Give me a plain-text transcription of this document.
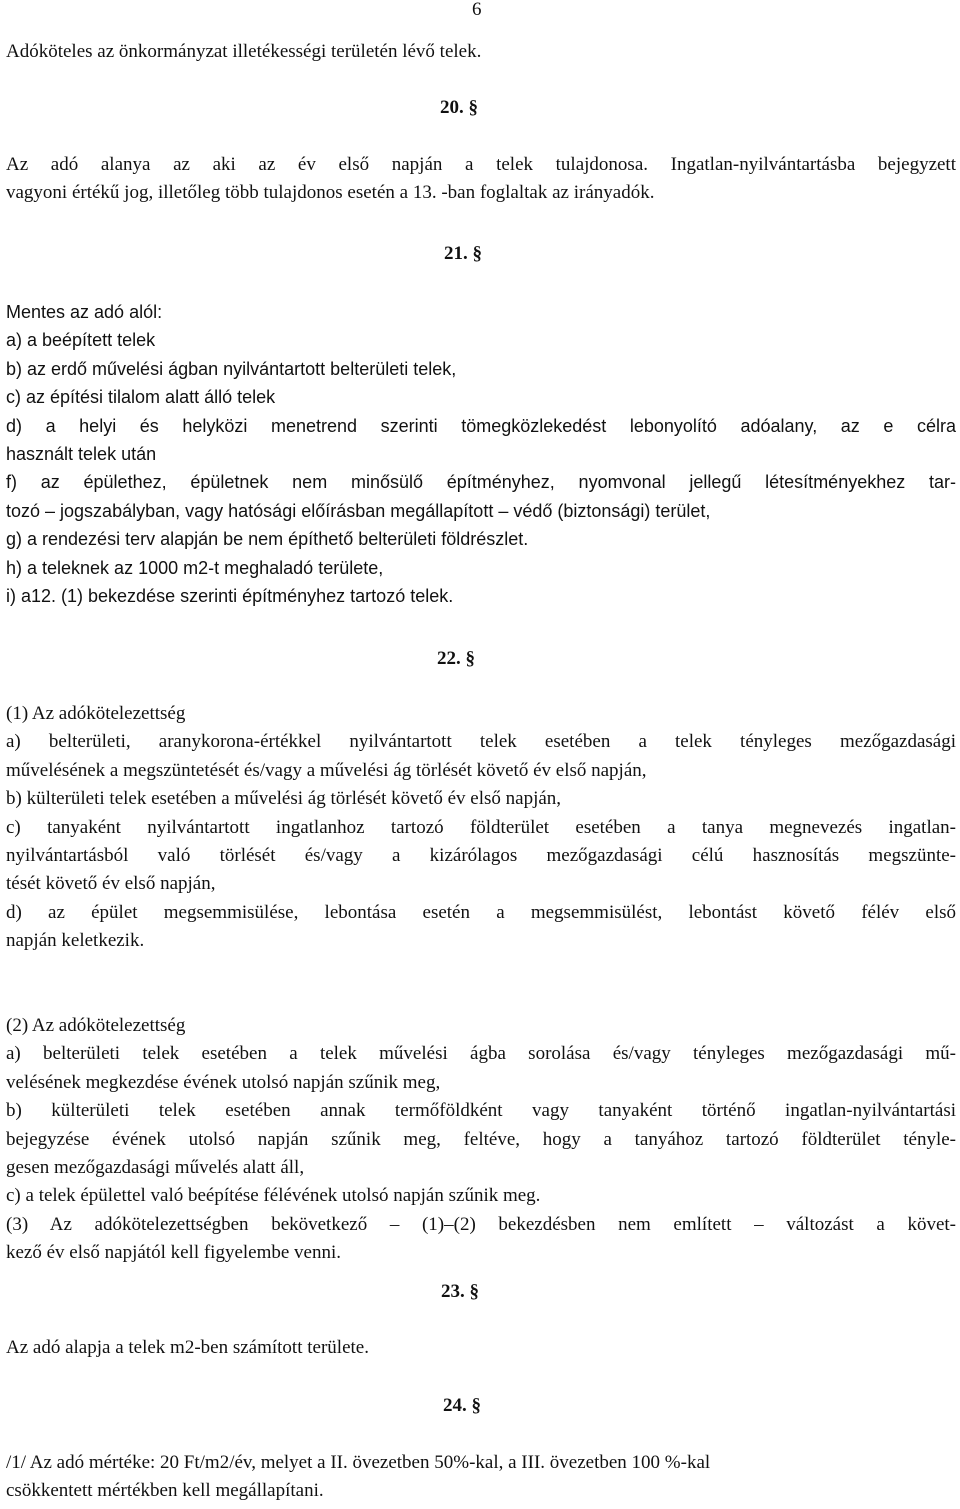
6

Adóköteles az önkormányzat illetékességi területén lévő telek.

20. §

Az adó alanya az aki az év első napján a telek tulajdonosa. Ingatlan-nyilvántartásba bejegyzett

vagyoni értékű jog, illetőleg több tulajdonos esetén a 13. -ban foglaltak az irányadók.

21. §

Mentes az adó alól:

a) a beépített telek

b) az erdő művelési ágban nyilvántartott belterületi telek,

c) az építési tilalom alatt álló telek

d) a helyi és helyközi menetrend szerinti tömegközlekedést lebonyolító adóalany, az e célra

használt telek után

f) az épülethez, épületnek nem minősülő építményhez, nyomvonal jellegű létesítményekhez tar-

tozó – jogszabályban, vagy hatósági előírásban megállapított – védő (biztonsági) terület,

g) a rendezési terv alapján be nem építhető belterületi földrészlet.

h) a teleknek az 1000 m2-t meghaladó területe,

i) a12. (1) bekezdése szerinti építményhez tartozó telek.

22. §

(1) Az adókötelezettség

a) belterületi, aranykorona-értékkel nyilvántartott telek esetében a telek tényleges mezőgazdasági

művelésének a megszüntetését és/vagy a művelési ág törlését követő év első napján,

b) külterületi telek esetében a művelési ág törlését követő év első napján,

c) tanyaként nyilvántartott ingatlanhoz tartozó földterület esetében a tanya megnevezés ingatlan-

nyilvántartásból való törlését és/vagy a kizárólagos mezőgazdasági célú hasznosítás megszünte-

tését követő év első napján,

d) az épület megsemmisülése, lebontása esetén a megsemmisülést, lebontást követő félév első

napján keletkezik.

(2) Az adókötelezettség

a) belterületi telek esetében a telek művelési ágba sorolása és/vagy tényleges mezőgazdasági mű-

velésének megkezdése évének utolsó napján szűnik meg,

b) külterületi telek esetében annak termőföldként vagy tanyaként történő ingatlan-nyilvántartási

bejegyzése évének utolsó napján szűnik meg, feltéve, hogy a tanyához tartozó földterület tényle-

gesen mezőgazdasági művelés alatt áll,

c) a telek épülettel való beépítése félévének utolsó napján szűnik meg.

(3) Az adókötelezettségben bekövetkező – (1)–(2) bekezdésben nem említett – változást a követ-

kező év első napjától kell figyelembe venni.

23. §

Az adó alapja a telek m2-ben számított területe.

24. §

/1/ Az adó mértéke: 20 Ft/m2/év, melyet a II. övezetben 50%-kal, a III. övezetben 100 %-kal

csökkentett mértékben kell megállapítani.
